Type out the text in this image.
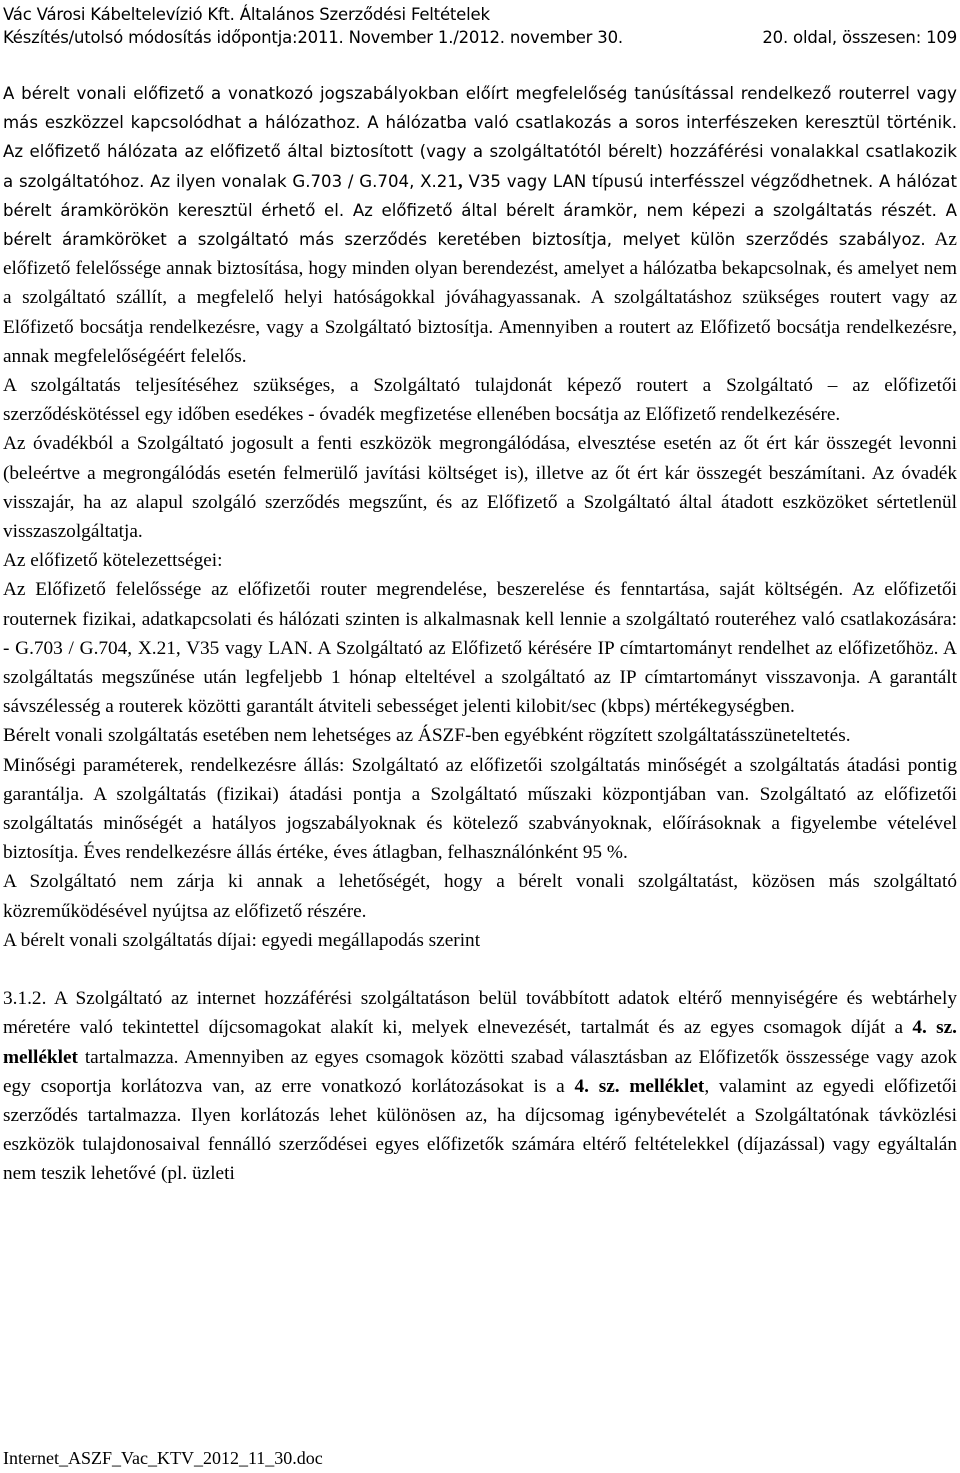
Vác Városi Kábeltelevízió Kft. Általános Szerződési Feltételek
Készítés/utolsó módosítás időpontja:2011. November 1./2012. november 30.	20. oldal, összesen: 109

A bérelt vonali előfizető a vonatkozó jogszabályokban előírt megfelelőség tanúsítással rendelkező routerrel vagy más eszközzel kapcsolódhat a hálózathoz. A hálózatba való csatlakozás a soros interfészeken keresztül történik. Az előfizető hálózata az előfizető által biztosított (vagy a szolgáltatótól bérelt) hozzáférési vonalakkal csatlakozik a szolgáltatóhoz. Az ilyen vonalak G.703 / G.704, X.21, V35 vagy LAN típusú interfésszel végződhetnek. A hálózat bérelt áramkörökön keresztül érhető el. Az előfizető által bérelt áramkör, nem képezi a szolgáltatás részét. A bérelt áramköröket a szolgáltató más szerződés keretében biztosítja, melyet külön szerződés szabályoz. Az előfizető felelőssége annak biztosítása, hogy minden olyan berendezést, amelyet a hálózatba bekapcsolnak, és amelyet nem a szolgáltató szállít, a megfelelő helyi hatóságokkal jóváhagyassanak. A szolgáltatáshoz szükséges routert vagy az Előfizető bocsátja rendelkezésre, vagy a Szolgáltató biztosítja. Amennyiben a routert az Előfizető bocsátja rendelkezésre, annak megfelelőségéért felelős.

A szolgáltatás teljesítéséhez szükséges, a Szolgáltató tulajdonát képező routert a Szolgáltató – az előfizetői szerződéskötéssel egy időben esedékes - óvadék megfizetése ellenében bocsátja az Előfizető rendelkezésére.

Az óvadékból a Szolgáltató jogosult a fenti eszközök megrongálódása, elvesztése esetén az őt ért kár összegét levonni (beleértve a megrongálódás esetén felmerülő javítási költséget is), illetve az őt ért kár összegét beszámítani. Az óvadék visszajár, ha az alapul szolgáló szerződés megszűnt, és az Előfizető a Szolgáltató által átadott eszközöket sértetlenül visszaszolgáltatja.

Az előfizető kötelezettségei:

Az Előfizető felelőssége az előfizetői router megrendelése, beszerelése és fenntartása, saját költségén. Az előfizetői routernek fizikai, adatkapcsolati és hálózati szinten is alkalmasnak kell lennie a szolgáltató routeréhez való csatlakozására: - G.703 / G.704, X.21, V35 vagy LAN. A Szolgáltató az Előfizető kérésére IP címtartományt rendelhet az előfizetőhöz. A szolgáltatás megszűnése után legfeljebb 1 hónap elteltével a szolgáltató az IP címtartományt visszavonja. A garantált sávszélesség a routerek közötti garantált átviteli sebességet jelenti kilobit/sec (kbps) mértékegységben.

Bérelt vonali szolgáltatás esetében nem lehetséges az ÁSZF-ben egyébként rögzített szolgáltatásszüneteltetés.

Minőségi paraméterek, rendelkezésre állás: Szolgáltató az előfizetői szolgáltatás minőségét a szolgáltatás átadási pontig garantálja. A szolgáltatás (fizikai) átadási pontja a Szolgáltató műszaki központjában van. Szolgáltató az előfizetői szolgáltatás minőségét a hatályos jogszabályoknak és kötelező szabványoknak, előírásoknak a figyelembe vételével biztosítja. Éves rendelkezésre állás értéke, éves átlagban, felhasználónként 95 %.

A Szolgáltató nem zárja ki annak a lehetőségét, hogy a bérelt vonali szolgáltatást, közösen más szolgáltató közreműködésével nyújtsa az előfizető részére.

A bérelt vonali szolgáltatás díjai: egyedi megállapodás szerint

3.1.2. A Szolgáltató az internet hozzáférési szolgáltatáson belül továbbított adatok eltérő mennyiségére és webtárhely méretére való tekintettel díjcsomagokat alakít ki, melyek elnevezését, tartalmát és az egyes csomagok díját a 4. sz. melléklet tartalmazza. Amennyiben az egyes csomagok közötti szabad választásban az Előfizetők összessége vagy azok egy csoportja korlátozva van, az erre vonatkozó korlátozásokat is a 4. sz. melléklet, valamint az egyedi előfizetői szerződés tartalmazza. Ilyen korlátozás lehet különösen az, ha díjcsomag igénybevételét a Szolgáltatónak távközlési eszközök tulajdonosaival fennálló szerződései egyes előfizetők számára eltérő feltételekkel (díjazással) vagy egyáltalán nem teszik lehetővé (pl. üzleti

Internet_ASZF_Vac_KTV_2012_11_30.doc
